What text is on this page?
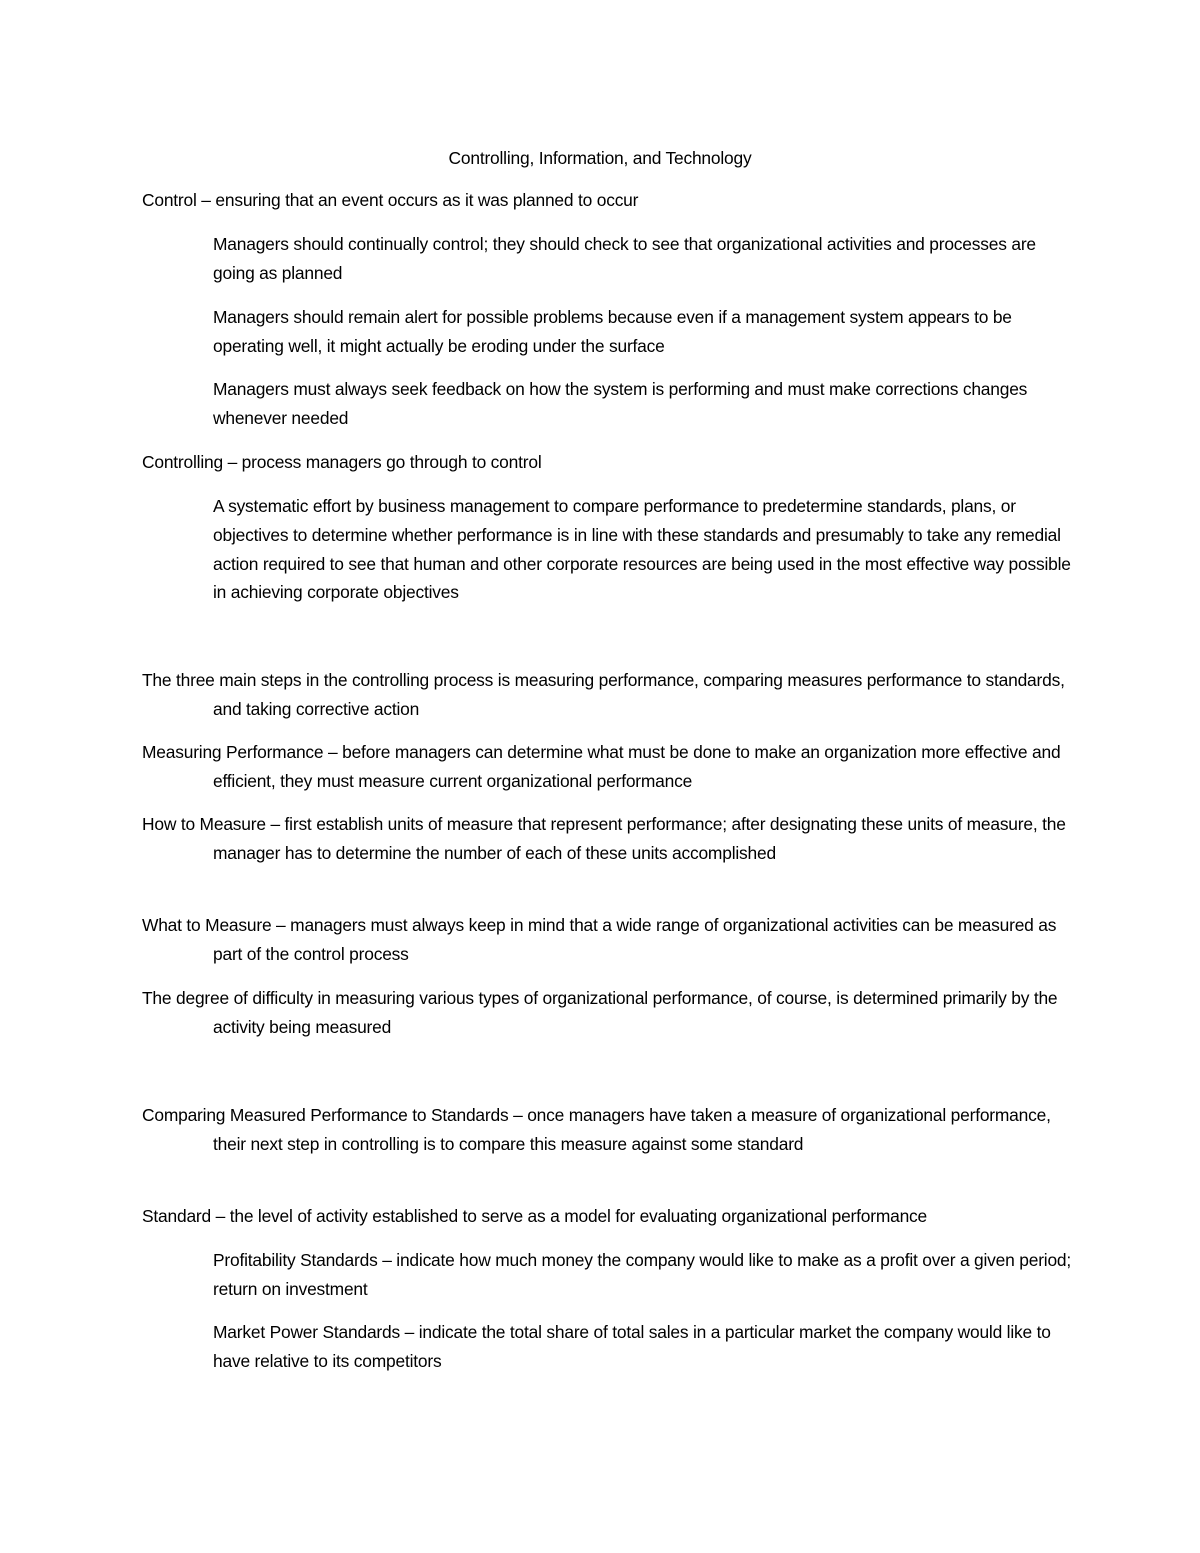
Controlling, Information, and Technology

Control – ensuring that an event occurs as it was planned to occur

Managers should continually control; they should check to see that organizational activities and processes are going as planned

Managers should remain alert for possible problems because even if a management system appears to be operating well, it might actually be eroding under the surface

Managers must always seek feedback on how the system is performing and must make corrections changes whenever needed

Controlling – process managers go through to control

A systematic effort by business management to compare performance to predetermine standards, plans, or objectives to determine whether performance is in line with these standards and presumably to take any remedial action required to see that human and other corporate resources are being used in the most effective way possible in achieving corporate objectives

The three main steps in the controlling process is measuring performance, comparing measures performance to standards, and taking corrective action

Measuring Performance – before managers can determine what must be done to make an organization more effective and efficient, they must measure current organizational performance

How to Measure – first establish units of measure that represent performance; after designating these units of measure, the manager has to determine the number of each of these units accomplished

What to Measure – managers must always keep in mind that a wide range of organizational activities can be measured as part of the control process

The degree of difficulty in measuring various types of organizational performance, of course, is determined primarily by the activity being measured

Comparing Measured Performance to Standards – once managers have taken a measure of organizational performance, their next step in controlling is to compare this measure against some standard

Standard – the level of activity established to serve as a model for evaluating organizational performance

Profitability Standards – indicate how much money the company would like to make as a profit over a given period; return on investment

Market Power Standards – indicate the total share of total sales in a particular market the company would like to have relative to its competitors
